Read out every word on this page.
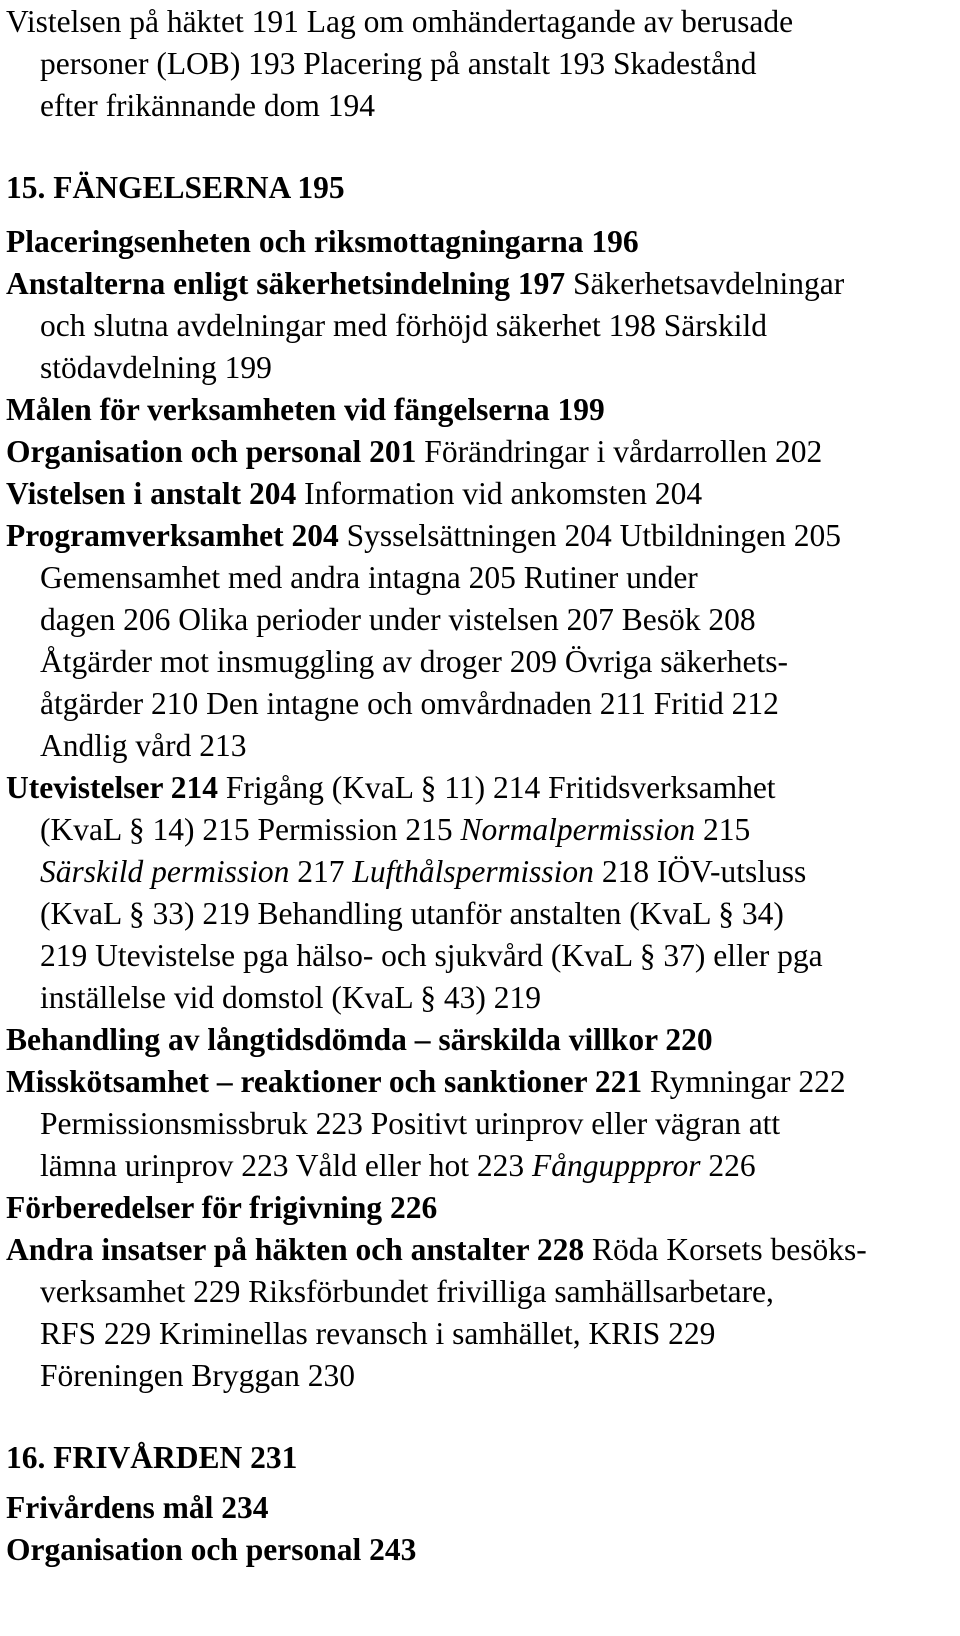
Vistelsen på häktet 191 Lag om omhändertagande av berusade
personer (LOB) 193 Placering på anstalt 193 Skadestånd
efter frikännande dom 194
15. FÄNGELSERNA 195
Placeringsenheten och riksmottagningarna 196
Anstalterna enligt säkerhetsindelning 197 Säkerhetsavdelningar
och slutna avdelningar med förhöjd säkerhet 198 Särskild
stödavdelning 199
Målen för verksamheten vid fängelserna 199
Organisation och personal 201 Förändringar i vårdarrollen 202
Vistelsen i anstalt 204 Information vid ankomsten 204
Programverksamhet 204 Sysselsättningen 204 Utbildningen 205
Gemensamhet med andra intagna 205 Rutiner under
dagen 206 Olika perioder under vistelsen 207 Besök 208
Åtgärder mot insmuggling av droger 209 Övriga säkerhets-
åtgärder 210 Den intagne och omvårdnaden 211 Fritid 212
Andlig vård 213
Utevistelser 214 Frigång (KvaL § 11) 214 Fritidsverksamhet
(KvaL § 14) 215 Permission 215 Normalpermission 215
Särskild permission 217 Lufthålspermission 218 IÖV-utsluss
(KvaL § 33) 219 Behandling utanför anstalten (KvaL § 34)
219 Utevistelse pga hälso- och sjukvård (KvaL § 37) eller pga
inställelse vid domstol (KvaL § 43) 219
Behandling av långtidsdömda – särskilda villkor 220
Misskötsamhet – reaktioner och sanktioner 221 Rymningar 222
Permissionsmissbruk 223 Positivt urinprov eller vägran att
lämna urinprov 223 Våld eller hot 223 Fångupppror 226
Förberedelser för frigivning 226
Andra insatser på häkten och anstalter 228 Röda Korsets besöks-
verksamhet 229 Riksförbundet frivilliga samhällsarbetare,
RFS 229 Kriminellas revansch i samhället, KRIS 229
Föreningen Bryggan 230
16. FRIVÅRDEN 231
Frivårdens mål 234
Organisation och personal 243
